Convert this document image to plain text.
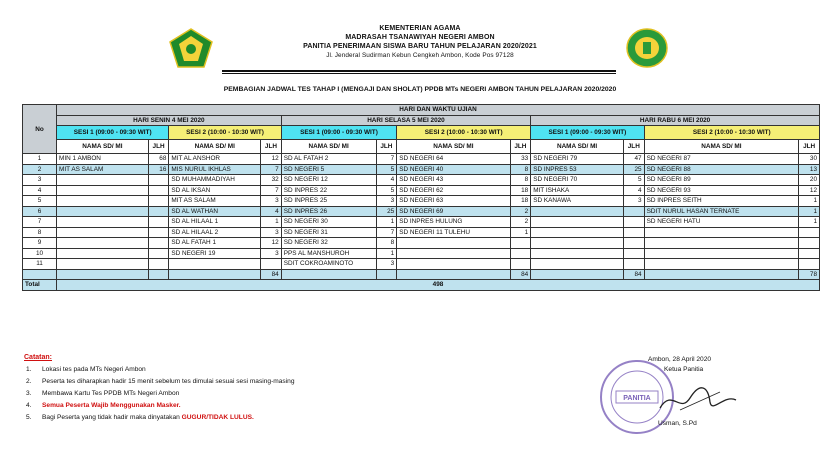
KEMENTERIAN AGAMA
MADRASAH TSANAWIYAH NEGERI AMBON
PANITIA PENERIMAAN SISWA BARU TAHUN PELAJARAN 2020/2021
Jl. Jenderal Sudirman Kebun Cengkeh Ambon, Kode Pos 97128
PEMBAGIAN JADWAL TES TAHAP I (MENGAJI DAN SHOLAT) PPDB MTs NEGERI AMBON TAHUN PELAJARAN 2020/2020
No	HARI DAN WAKTU UJIAN											
	HARI SENIN 4 MEI 2020				HARI SELASA 5 MEI 2020				HARI RABU 6 MEI 2020			
	SESI 1 (09:00 - 09:30 WIT)		SESI 2 (10:00 - 10:30 WIT)		SESI 1 (09:00 - 09:30 WIT)		SESI 2 (10:00 - 10:30 WIT)		SESI 1 (09:00 - 09:30 WIT)		SESI 2 (10:00 - 10:30 WIT)	
	NAMA SD/ MI	JLH	NAMA SD/ MI	JLH	NAMA SD/ MI	JLH	NAMA SD/ MI	JLH	NAMA SD/ MI	JLH	NAMA SD/ MI	JLH
1	MIN 1 AMBON	68	MIT AL ANSHOR	12	SD AL FATAH 2	7	SD NEGERI 64	33	SD NEGERI 79	47	SD NEGERI 87	30
2	MIT AS SALAM	16	MIS NURUL IKHLAS	7	SD NEGERI 5	5	SD NEGERI 40	8	SD INPRES 53	25	SD NEGERI 88	13
3			SD MUHAMMADIYAH	32	SD NEGERI 12	4	SD NEGERI 43	8	SD NEGERI 70	5	SD NEGERI 89	20
4			SD AL IKSAN	7	SD INPRES 22	5	SD NEGERI 62	18	MIT ISHAKA	4	SD NEGERI 93	12
5			MIT AS SALAM	3	SD INPRES 25	3	SD NEGERI 63	18	SD KANAWA	3	SD INPRES SEITH	1
6			SD AL WATHAN	4	SD INPRES 26	25	SD NEGERI 69	2			SDIT NURUL HASAN TERNATE	1
7			SD AL HILAAL 1	1	SD NEGERI 30	1	SD INPRES HULUNG	2			SD NEGERI HATU	1
8			SD AL HILAAL 2	3	SD NEGERI 31	7	SD NEGERI 11 TULEHU	1				
9			SD AL FATAH 1	12	SD NEGERI 32	8						
10			SD NEGERI 19	3	PPS AL MANSHUROH	1						
11					SDIT COKROAMINOTO	3						
				84				84		84		78
Total	498											
Catatan:
1.	Lokasi tes pada MTs Negeri Ambon
2.	Peserta tes diharapkan hadir 15 menit sebelum tes dimulai sesuai sesi masing-masing
3.	Membawa Kartu Tes PPDB MTs Negeri Ambon
4.	Semua Peserta Wajib Menggunakan Masker.
5.	Bagi Peserta yang tidak hadir maka dinyatakan GUGUR/TIDAK LULUS.
PANITIA
Ambon, 28 April 2020
Ketua Panitia
Usman, S.Pd
